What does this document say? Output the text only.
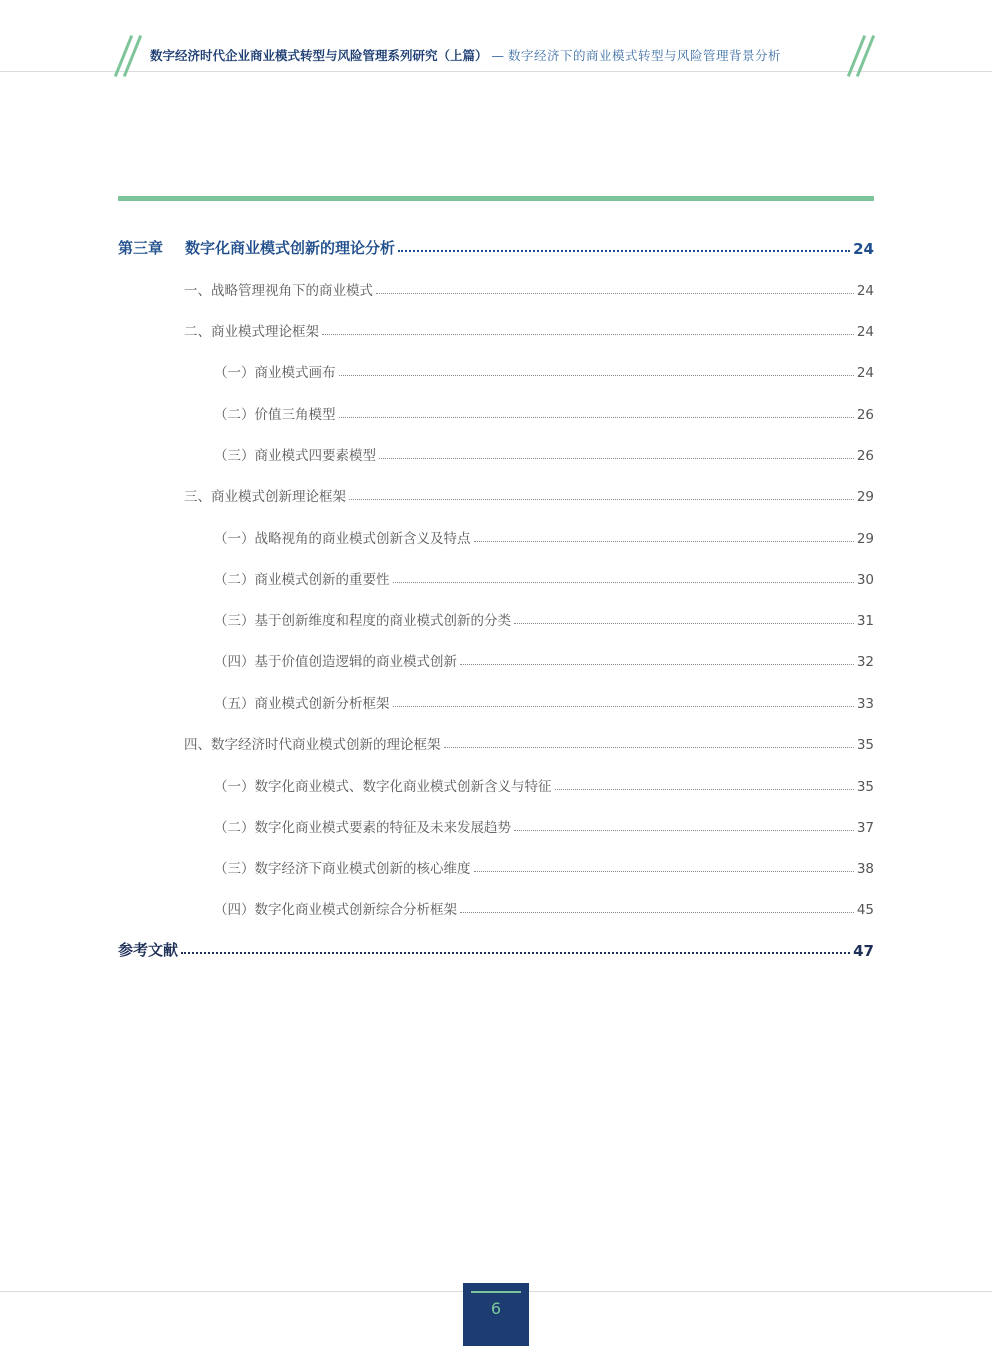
数字经济时代企业商业模式转型与风险管理系列研究（上篇） — 数字经济下的商业模式转型与风险管理背景分析
第三章 数字化商业模式创新的理论分析	24
一、战略管理视角下的商业模式	24
二、商业模式理论框架	24
（一）商业模式画布	24
（二）价值三角模型	26
（三）商业模式四要素模型	26
三、商业模式创新理论框架	29
（一）战略视角的商业模式创新含义及特点	29
（二）商业模式创新的重要性	30
（三）基于创新维度和程度的商业模式创新的分类	31
（四）基于价值创造逻辑的商业模式创新	32
（五）商业模式创新分析框架	33
四、数字经济时代商业模式创新的理论框架	35
（一）数字化商业模式、数字化商业模式创新含义与特征	35
（二）数字化商业模式要素的特征及未来发展趋势	37
（三）数字经济下商业模式创新的核心维度	38
（四）数字化商业模式创新综合分析框架	45
参考文献	47
6
